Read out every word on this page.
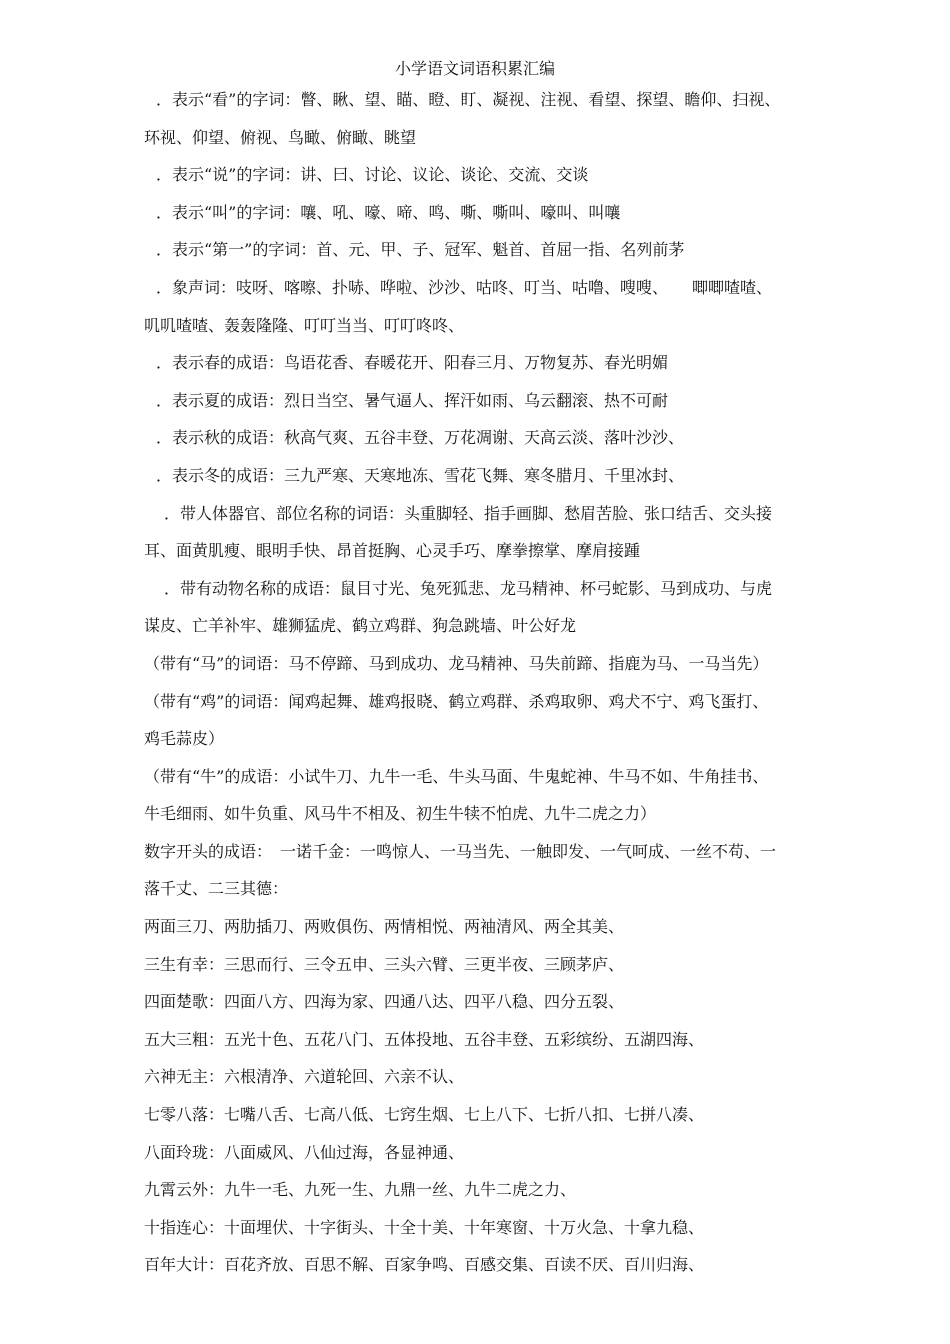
小学语文词语积累汇编
．表示“看”的字词：瞥、瞅、望、瞄、瞪、盯、凝视、注视、看望、探望、瞻仰、扫视、
环视、仰望、俯视、鸟瞰、俯瞰、眺望
．表示“说”的字词：讲、曰、讨论、议论、谈论、交流、交谈
．表示“叫”的字词：嚷、吼、嚎、啼、鸣、嘶、嘶叫、嚎叫、叫嚷
．表示“第一”的字词：首、元、甲、子、冠军、魁首、首屈一指、名列前茅
．象声词：吱呀、喀嚓、扑哧、哗啦、沙沙、咕咚、叮当、咕噜、嗖嗖、　　唧唧喳喳、
叽叽喳喳、轰轰隆隆、叮叮当当、叮叮咚咚、
．表示春的成语：鸟语花香、春暖花开、阳春三月、万物复苏、春光明媚
．表示夏的成语：烈日当空、暑气逼人、挥汗如雨、乌云翻滚、热不可耐
．表示秋的成语：秋高气爽、五谷丰登、万花凋谢、天高云淡、落叶沙沙、
．表示冬的成语：三九严寒、天寒地冻、雪花飞舞、寒冬腊月、千里冰封、
．带人体器官、部位名称的词语：头重脚轻、指手画脚、愁眉苦脸、张口结舌、交头接
耳、面黄肌瘦、眼明手快、昂首挺胸、心灵手巧、摩拳擦掌、摩肩接踵
．带有动物名称的成语：鼠目寸光、兔死狐悲、龙马精神、杯弓蛇影、马到成功、与虎
谋皮、亡羊补牢、雄狮猛虎、鹤立鸡群、狗急跳墙、叶公好龙
（带有“马”的词语：马不停蹄、马到成功、龙马精神、马失前蹄、指鹿为马、一马当先）
（带有“鸡”的词语：闻鸡起舞、雄鸡报晓、鹤立鸡群、杀鸡取卵、鸡犬不宁、鸡飞蛋打、
鸡毛蒜皮）
（带有“牛”的成语：小试牛刀、九牛一毛、牛头马面、牛鬼蛇神、牛马不如、牛角挂书、
牛毛细雨、如牛负重、风马牛不相及、初生牛犊不怕虎、九牛二虎之力）
数字开头的成语：　一诺千金：一鸣惊人、一马当先、一触即发、一气呵成、一丝不苟、一
落千丈、二三其德：
两面三刀、两肋插刀、两败俱伤、两情相悦、两袖清风、两全其美、
三生有幸：三思而行、三令五申、三头六臂、三更半夜、三顾茅庐、
四面楚歌：四面八方、四海为家、四通八达、四平八稳、四分五裂、
五大三粗：五光十色、五花八门、五体投地、五谷丰登、五彩缤纷、五湖四海、
六神无主：六根清净、六道轮回、六亲不认、
七零八落：七嘴八舌、七高八低、七窍生烟、七上八下、七折八扣、七拼八凑、
八面玲珑：八面威风、八仙过海，各显神通、
九霄云外：九牛一毛、九死一生、九鼎一丝、九牛二虎之力、
十指连心：十面埋伏、十字街头、十全十美、十年寒窗、十万火急、十拿九稳、
百年大计：百花齐放、百思不解、百家争鸣、百感交集、百读不厌、百川归海、
